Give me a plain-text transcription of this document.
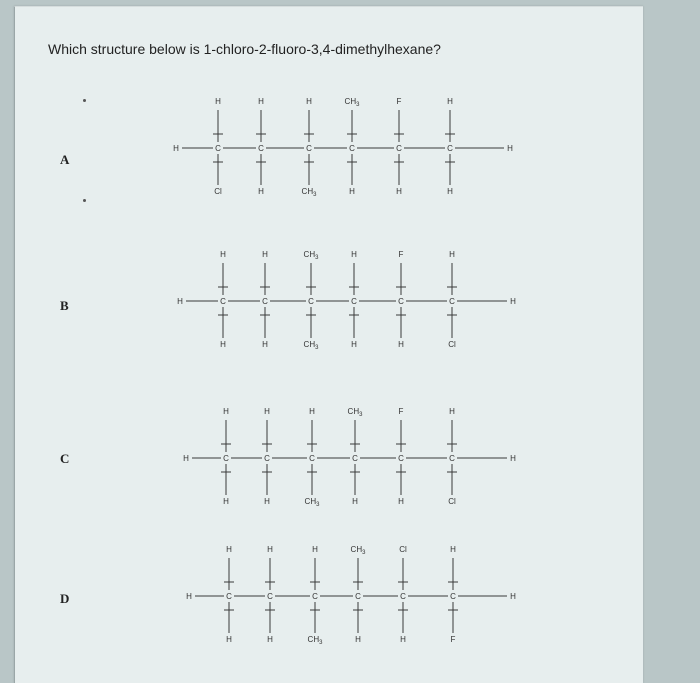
Which structure below is 1-chloro-2-fluoro-3,4-dimethylhexane?
A
B
C
D
H	C
H
Cl
C
H
H
C
H
$CH_3$
C
$CH_3$
H
C
F
H
C
H
H
H
H	C
H
H
C
H
H
C
$CH_3$
$CH_3$
C
H
H
C
F
H
C
H
Cl
H
H	C
H
H
C
H
H
C
H
$CH_3$
C
$CH_3$
H
C
F
H
C
H
Cl
H
H	C
H
H
C
H
H
C
H
$CH_3$
C
$CH_3$
H
C
Cl
H
C
H
F
H
